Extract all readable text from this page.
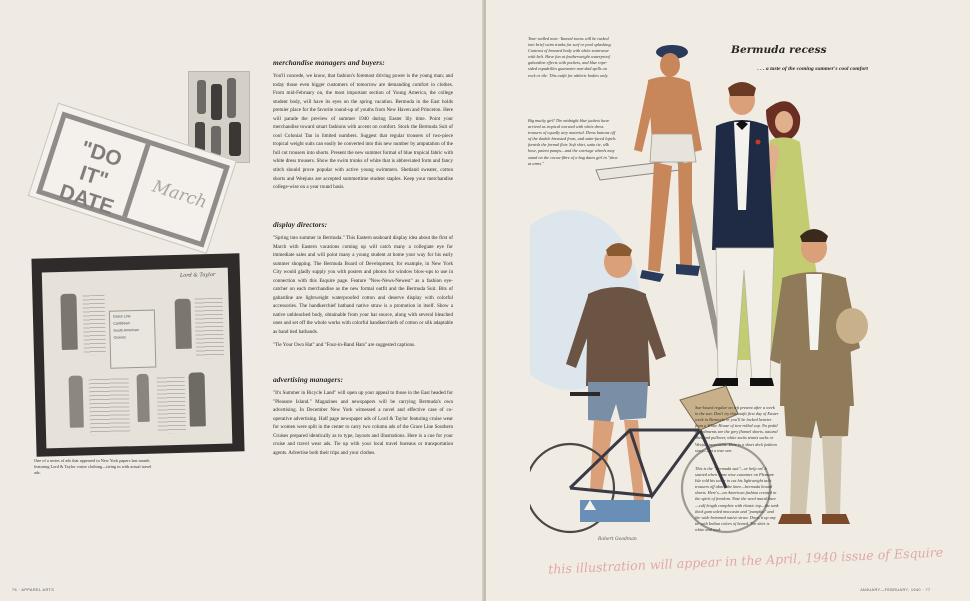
"DO IT" DATE	March
Lord & Taylor
Grace Line
Caribbean
South American
Cruises
One of a series of ads that appeared in New York papers last month featuring Lord & Taylor cruise clothing—tieing in with actual travel ads.
merchandise managers and buyers:
You'll concede, we know, that fashion's foremost driving power is the young man; and today those even bigger customers of tomorrow are demanding comfort in clothes. From mid-February on, the most important section of Young America, the college student body, will have its eyes on the spring vacation. Bermuda in the East holds premier place for the favorite round-up of youths from New Haven and Princeton. Here will parade the preview of summer 1940 during Easter lily time. Point your merchandise toward smart fashions with accent on comfort. Stock the Bermuda Suit of cool Colonial Tan in limited numbers. Suggest that regular trousers of two-piece tropical weight suits can easily be converted into this new number by amputation of the full cut trousers into shorts. Present the new summer formal of blue tropical fabric with white dress trousers. Show the swim trunks of white that is abbreviated form and fancy stitch should prove popular with active young swimmers. Shetland sweater, cotton shorts and Weejuns are accepted summertime student staples. Keep your merchandise college-wise on a year round basis.
display directors:
"Spring into summer in Bermuda." This Eastern seaboard display idea about the first of March with Eastern vacations coming up will catch many a collegiate eye for immediate sales and will point many a young student at home your way for his early summer shopping. The Bermuda Board of Development, for example, in New York City would gladly supply you with posters and photos for window blow-ups to use in connection with this Esquire page. Feature "New-News-Newest" as a fashion eye-catcher on each merchandise as the new formal outfit and the Bermuda Suit. Bits of gabardine are lightweight waterproofed cotton and deserve display with colorful accessories. The handkerchief hatband native straw is a promotion in itself. Show a native unbleached body, obtainable from your hat source, along with several bleached ones and set off the whole works with colorful handkerchiefs of cotton or silk adaptable as band tied hatbands.
"Tie Your Own Hat" and "Four-in-Band Hats" are suggested captions.
advertising managers:
"It's Summer in Bicycle Land" will open up your appeal to those in the East headed for "Pleasure Island." Magazines and newspapers will be carrying Bermuda's own advertising. In December New York witnessed a novel and effective case of co-operative advertising. Half page newspaper ads of Lord & Taylor featuring cruise wear for women were split in the center to carry two column ads of the Grace Line Southern Cruises prepared identically as to type, layouts and illustrations. Here is a cue for your cruise and travel wear ads. Tie up with your local travel bureaus or transportation agents. Advertise both their trips and your clothes.
76 · APPAREL ARTS
Bermuda recess
. . . a taste of the coming summer's cool comfort
Tone-walled note: Tanned towns will be tucked into brief swim trunks for surf or pool splashing. Contrast of bronzed body with white swimwear with belt. Have fun at featherweight waterproof gabardine effects with pockets, and blue rope-sided espadrilles guarantee non-skid spills on rock or tile. This outfit for athletic bodies only.
Big mucky girl! The midnight blue jackets have arrived as tropical worsted with white dress trousers of equally airy material. Dress buttons off of the double breasted front, and satin-faced lapels furnish the formal flair. Soft shirt, satin tie, silk hose, patent pumps—and the carriage wheels may stand on the cocoa-fibre of a bag dates girl in "shoe at arms."
Sun-kissed regular on left present after a week in the sun. Don't try this outfit first day of Easter week in Bermuda or you'll be locked heavier from a White House of two-rolled cap. No pedal impediments are the grey flannel shorts, natural Shetland pullover, white socks tennis socks or Weejun moccasins. Here is a short deck fashion story—but a true one.
This is the "Bermuda suit"—or help on! It started when some wise customer on Pleasure Isle told his tailor to cut his lightweight tails trousers off above the knee—bermuda bound shorts. Here's—an American fashion created in the spirit of freedom. Note the wool mural knee—calf length complete with elastic top—the tank thick gum soled moccasin and "pumpkin" and the wide brimmed native straw. Dress it up any tie with Indian colors of boned. The shirt is white and rock.
Robert Goodman
this illustration will appear in the April, 1940 issue of Esquire
JANUARY—FEBRUARY, 1940 · 77
